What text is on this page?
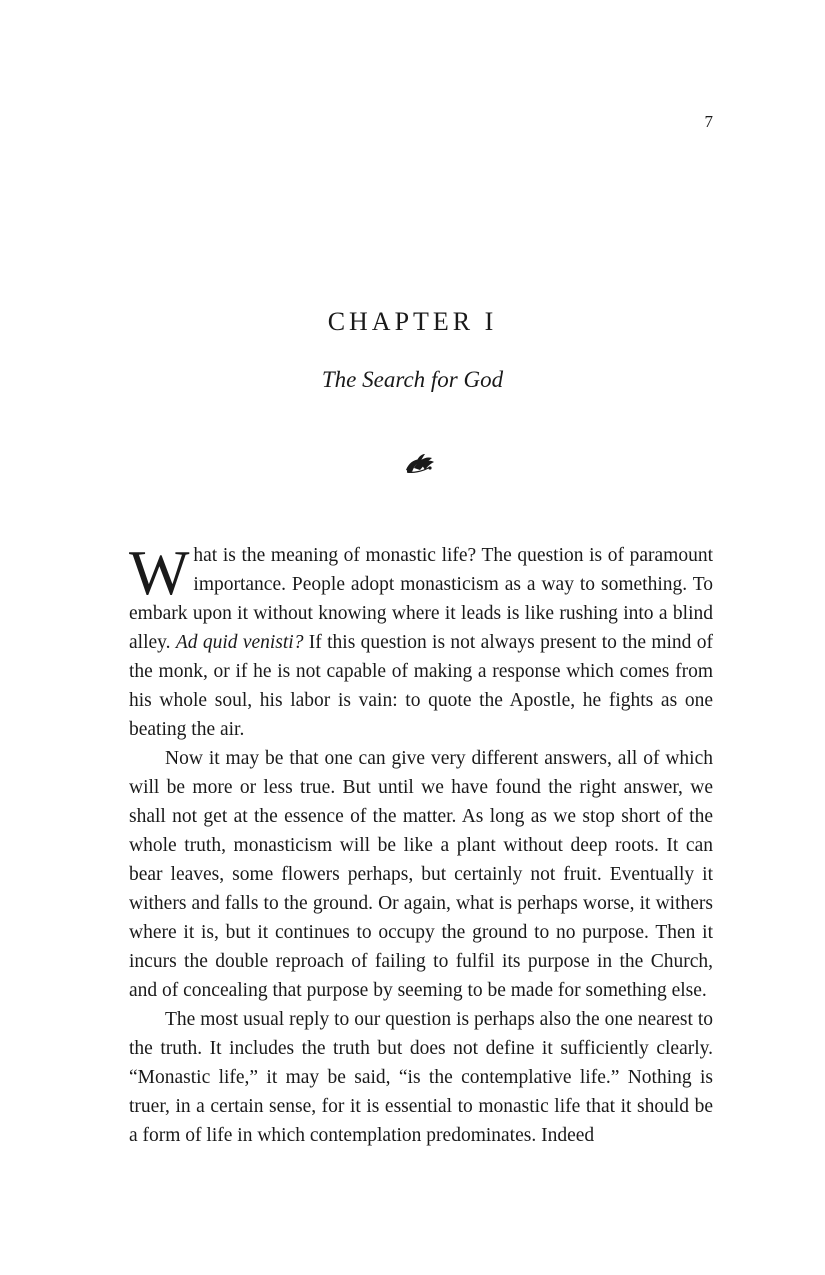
7
CHAPTER I
The Search for God

What is the meaning of monastic life? The question is of paramount importance. People adopt monasticism as a way to something. To embark upon it without knowing where it leads is like rushing into a blind alley. Ad quid venisti? If this question is not always present to the mind of the monk, or if he is not capable of making a response which comes from his whole soul, his labor is vain: to quote the Apostle, he fights as one beating the air.

Now it may be that one can give very different answers, all of which will be more or less true. But until we have found the right answer, we shall not get at the essence of the matter. As long as we stop short of the whole truth, monasticism will be like a plant without deep roots. It can bear leaves, some flowers perhaps, but certainly not fruit. Eventually it withers and falls to the ground. Or again, what is perhaps worse, it withers where it is, but it continues to occupy the ground to no purpose. Then it incurs the double reproach of failing to fulfil its purpose in the Church, and of concealing that purpose by seeming to be made for something else.

The most usual reply to our question is perhaps also the one nearest to the truth. It includes the truth but does not define it sufficiently clearly. “Monastic life,” it may be said, “is the contemplative life.” Nothing is truer, in a certain sense, for it is essential to monastic life that it should be a form of life in which contemplation predominates. Indeed
